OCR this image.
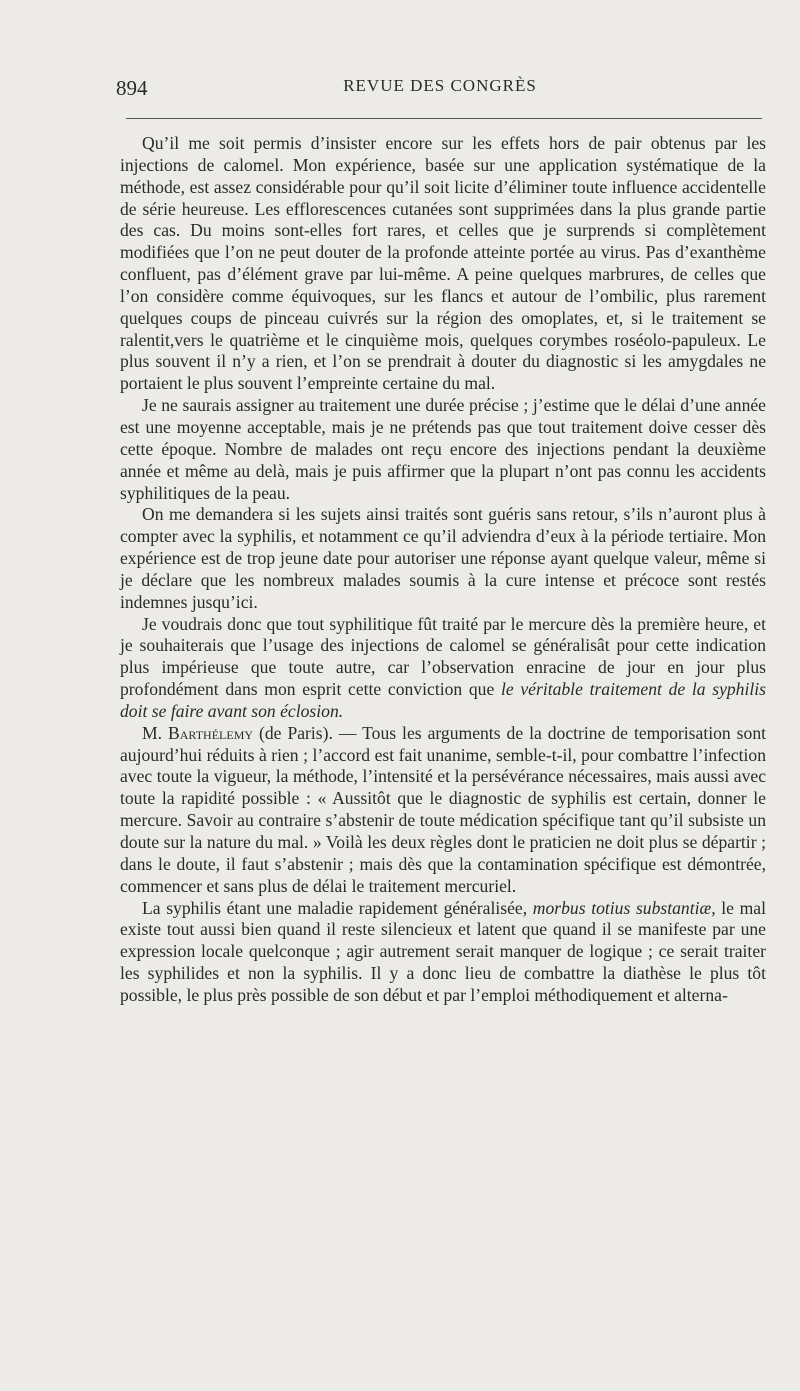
894	REVUE DES CONGRÈS

Qu’il me soit permis d’insister encore sur les effets hors de pair obtenus par les injections de calomel. Mon expérience, basée sur une application systématique de la méthode, est assez considérable pour qu’il soit licite d’éliminer toute influence accidentelle de série heureuse. Les efflorescences cutanées sont supprimées dans la plus grande partie des cas. Du moins sont-elles fort rares, et celles que je surprends si complètement modifiées que l’on ne peut douter de la profonde atteinte portée au virus. Pas d’exanthème confluent, pas d’élément grave par lui-même. A peine quelques marbrures, de celles que l’on considère comme équivoques, sur les flancs et autour de l’ombilic, plus rarement quelques coups de pinceau cuivrés sur la région des omoplates, et, si le traitement se ralentit,vers le quatrième et le cinquième mois, quelques corymbes roséolo-papuleux. Le plus souvent il n’y a rien, et l’on se prendrait à douter du diagnostic si les amygdales ne portaient le plus souvent l’empreinte certaine du mal.

Je ne saurais assigner au traitement une durée précise ; j’estime que le délai d’une année est une moyenne acceptable, mais je ne prétends pas que tout traitement doive cesser dès cette époque. Nombre de malades ont reçu encore des injections pendant la deuxième année et même au delà, mais je puis affirmer que la plupart n’ont pas connu les accidents syphilitiques de la peau.

On me demandera si les sujets ainsi traités sont guéris sans retour, s’ils n’auront plus à compter avec la syphilis, et notamment ce qu’il adviendra d’eux à la période tertiaire. Mon expérience est de trop jeune date pour autoriser une réponse ayant quelque valeur, même si je déclare que les nombreux malades soumis à la cure intense et précoce sont restés indemnes jusqu’ici.

Je voudrais donc que tout syphilitique fût traité par le mercure dès la première heure, et je souhaiterais que l’usage des injections de calomel se généralisât pour cette indication plus impérieuse que toute autre, car l’observation enracine de jour en jour plus profondément dans mon esprit cette conviction que le véritable traitement de la syphilis doit se faire avant son éclosion.

M. Barthélemy (de Paris). — Tous les arguments de la doctrine de temporisation sont aujourd’hui réduits à rien ; l’accord est fait unanime, semble-t-il, pour combattre l’infection avec toute la vigueur, la méthode, l’intensité et la persévérance nécessaires, mais aussi avec toute la rapidité possible : « Aussitôt que le diagnostic de syphilis est certain, donner le mercure. Savoir au contraire s’abstenir de toute médication spécifique tant qu’il subsiste un doute sur la nature du mal. » Voilà les deux règles dont le praticien ne doit plus se départir ; dans le doute, il faut s’abstenir ; mais dès que la contamination spécifique est démontrée, commencer et sans plus de délai le traitement mercuriel.

La syphilis étant une maladie rapidement généralisée, morbus totius substantiæ, le mal existe tout aussi bien quand il reste silencieux et latent que quand il se manifeste par une expression locale quelconque ; agir autrement serait manquer de logique ; ce serait traiter les syphilides et non la syphilis. Il y a donc lieu de combattre la diathèse le plus tôt possible, le plus près possible de son début et par l’emploi méthodiquement et alterna-
